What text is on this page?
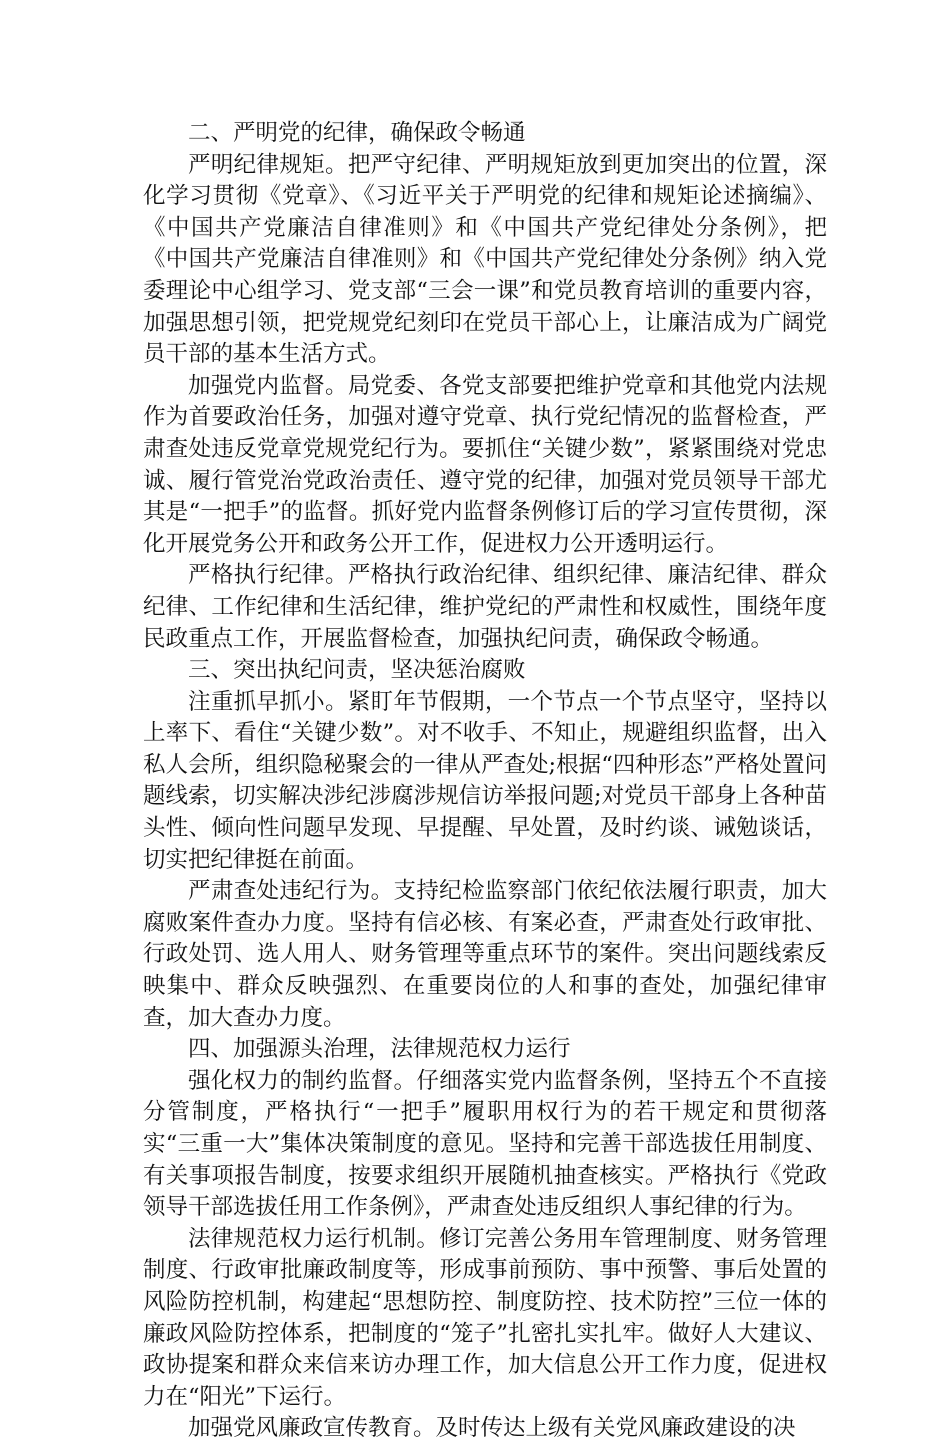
二、严明党的纪律，确保政令畅通

严明纪律规矩。把严守纪律、严明规矩放到更加突出的位置，深化学习贯彻《党章》、《习近平关于严明党的纪律和规矩论述摘编》、《中国共产党廉洁自律准则》和《中国共产党纪律处分条例》，把《中国共产党廉洁自律准则》和《中国共产党纪律处分条例》纳入党委理论中心组学习、党支部“三会一课”和党员教育培训的重要内容，加强思想引领，把党规党纪刻印在党员干部心上，让廉洁成为广阔党员干部的基本生活方式。

加强党内监督。局党委、各党支部要把维护党章和其他党内法规作为首要政治任务，加强对遵守党章、执行党纪情况的监督检查，严肃查处违反党章党规党纪行为。要抓住“关键少数”，紧紧围绕对党忠诚、履行管党治党政治责任、遵守党的纪律，加强对党员领导干部尤其是“一把手”的监督。抓好党内监督条例修订后的学习宣传贯彻，深化开展党务公开和政务公开工作，促进权力公开透明运行。

严格执行纪律。严格执行政治纪律、组织纪律、廉洁纪律、群众纪律、工作纪律和生活纪律，维护党纪的严肃性和权威性，围绕年度民政重点工作，开展监督检查，加强执纪问责，确保政令畅通。

三、突出执纪问责，坚决惩治腐败

注重抓早抓小。紧盯年节假期，一个节点一个节点坚守，坚持以上率下、看住“关键少数”。对不收手、不知止，规避组织监督，出入私人会所，组织隐秘聚会的一律从严查处;根据“四种形态”严格处置问题线索，切实解决涉纪涉腐涉规信访举报问题;对党员干部身上各种苗头性、倾向性问题早发现、早提醒、早处置，及时约谈、诫勉谈话，切实把纪律挺在前面。

严肃查处违纪行为。支持纪检监察部门依纪依法履行职责，加大腐败案件查办力度。坚持有信必核、有案必查，严肃查处行政审批、行政处罚、选人用人、财务管理等重点环节的案件。突出问题线索反映集中、群众反映强烈、在重要岗位的人和事的查处，加强纪律审查，加大查办力度。

四、加强源头治理，法律规范权力运行

强化权力的制约监督。仔细落实党内监督条例，坚持五个不直接分管制度，严格执行“一把手”履职用权行为的若干规定和贯彻落实“三重一大”集体决策制度的意见。坚持和完善干部选拔任用制度、有关事项报告制度，按要求组织开展随机抽查核实。严格执行《党政领导干部选拔任用工作条例》，严肃查处违反组织人事纪律的行为。

法律规范权力运行机制。修订完善公务用车管理制度、财务管理制度、行政审批廉政制度等，形成事前预防、事中预警、事后处置的风险防控机制，构建起“思想防控、制度防控、技术防控”三位一体的廉政风险防控体系，把制度的“笼子”扎密扎实扎牢。做好人大建议、政协提案和群众来信来访办理工作，加大信息公开工作力度，促进权力在“阳光”下运行。

加强党风廉政宣传教育。及时传达上级有关党风廉政建设的决
